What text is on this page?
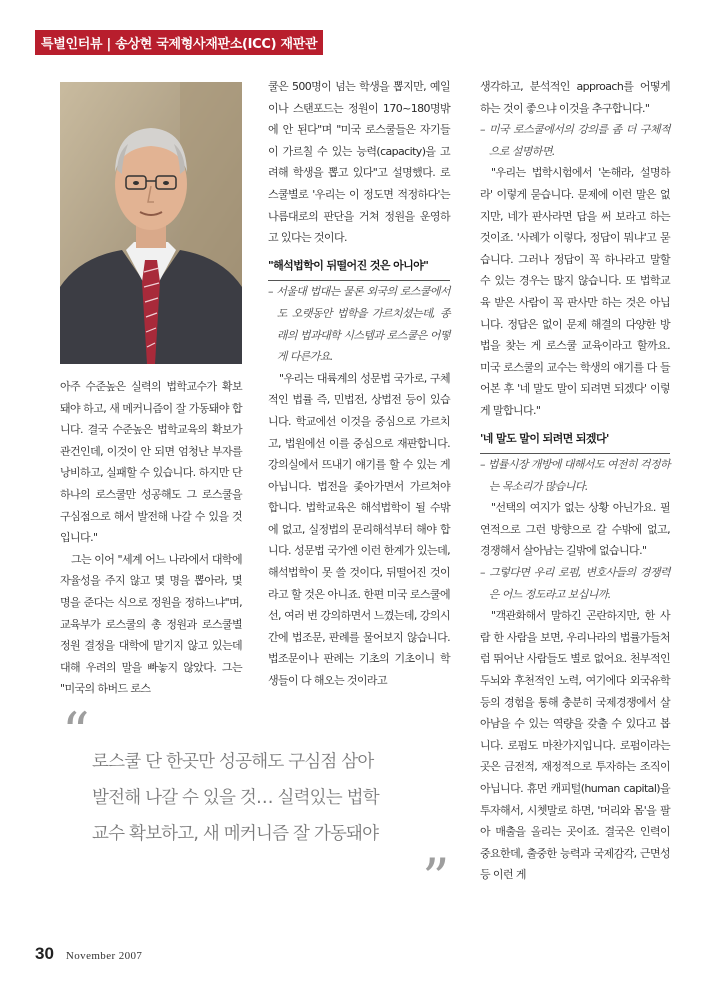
특별인터뷰 | 송상현 국제형사재판소(ICC) 재판관

아주 수준높은 실력의 법학교수가 확보돼야 하고, 새 메커니즘이 잘 가동돼야 합니다. 결국 수준높은 법학교육의 확보가 관건인데, 이것이 안 되면 엄청난 부자를 낭비하고, 실패할 수 있습니다. 하지만 단 하나의 로스쿨만 성공해도 그 로스쿨을 구심점으로 해서 발전해 나갈 수 있을 것입니다."

그는 이어 "세계 어느 나라에서 대학에 자율성을 주지 않고 몇 명을 뽑아라, 몇 명을 준다는 식으로 정원을 정하느냐"며, 교육부가 로스쿨의 총 정원과 로스쿨별 정원 결정을 대학에 맡기지 않고 있는데 대해 우려의 말을 빠놓지 않았다. 그는 "미국의 하버드 로스

쿨은 500명이 넘는 학생을 뽑지만, 예일이나 스탠포드는 정원이 170~180명밖에 안 된다"며 "미국 로스쿨들은 자기들이 가르칠 수 있는 능력(capacity)을 고려해 학생을 뽑고 있다"고 설명했다. 로스쿨별로 '우리는 이 정도면 적정하다'는 나름대로의 판단을 거쳐 정원을 운영하고 있다는 것이다.

"해석법학이 뒤떨어진 것은 아니야"

– 서울대 법대는 물론 외국의 로스쿨에서도 오랫동안 법학을 가르치셨는데, 종래의 법과대학 시스템과 로스쿨은 어떻게 다른가요.

"우리는 대륙계의 성문법 국가로, 구체적인 법률 즉, 민법전, 상법전 등이 있습니다. 학교에선 이것을 중심으로 가르치고, 법원에선 이를 중심으로 재판합니다. 강의실에서 뜨내기 얘기를 할 수 있는 게 아닙니다. 법전을 좇아가면서 가르쳐야 합니다. 법학교육은 해석법학이 될 수밖에 없고, 실정법의 문리해석부터 해야 합니다. 성문법 국가엔 이런 한계가 있는데, 해석법학이 못 쓸 것이다, 뒤떨어진 것이라고 할 것은 아니죠. 한편 미국 로스쿨에선, 여러 번 강의하면서 느꼈는데, 강의시간에 법조문, 판례를 물어보지 않습니다. 법조문이나 판례는 기초의 기초이니 학생들이 다 해오는 것이라고

생각하고, 분석적인 approach를 어떻게 하는 것이 좋으냐 이것을 추구합니다."

– 미국 로스쿨에서의 강의를 좀 더 구체적으로 설명하면.

"우리는 법학시험에서 '논해라, 설명하라' 이렇게 묻습니다. 문제에 이런 말은 없지만, 네가 판사라면 답을 써 보라고 하는 것이죠. '사례가 이렇다, 정답이 뭐냐'고 묻습니다. 그러나 정답이 꼭 하나라고 말할 수 있는 경우는 많지 않습니다. 또 법학교육 받은 사람이 꼭 판사만 하는 것은 아닙니다. 정답은 없이 문제 해결의 다양한 방법을 찾는 게 로스쿨 교육이라고 할까요. 미국 로스쿨의 교수는 학생의 얘기를 다 들어본 후 '네 말도 말이 되려면 되겠다' 이렇게 말합니다."

'네 말도 말이 되려면 되겠다'

– 법률시장 개방에 대해서도 여전히 걱정하는 목소리가 많습니다.

"선택의 여지가 없는 상황 아닌가요. 필연적으로 그런 방향으로 갈 수밖에 없고, 경쟁해서 살아남는 길밖에 없습니다."

– 그렇다면 우리 로펌, 변호사들의 경쟁력은 어느 정도라고 보십니까.

"객관화해서 말하긴 곤란하지만, 한 사람 한 사람을 보면, 우리나라의 법률가들처럼 뛰어난 사람들도 별로 없어요. 천부적인 두뇌와 후천적인 노력, 여기에다 외국유학 등의 경험을 통해 충분히 국제경쟁에서 살아남을 수 있는 역량을 갖출 수 있다고 봅니다. 로펌도 마찬가지입니다. 로펌이라는 곳은 금전적, 재정적으로 투자하는 조직이 아닙니다. 휴먼 캐피털(human capital)을 투자해서, 시쳇말로 하면, '머리와 몸'을 팔아 매출을 올리는 곳이죠. 결국은 인력이 중요한데, 출중한 능력과 국제감각, 근면성 등 이런 게

“ 로스쿨 단 한곳만 성공해도 구심점 삼아
발전해 나갈 수 있을 것… 실력있는 법학
교수 확보하고, 새 메커니즘 잘 가동돼야
”
30 November 2007
